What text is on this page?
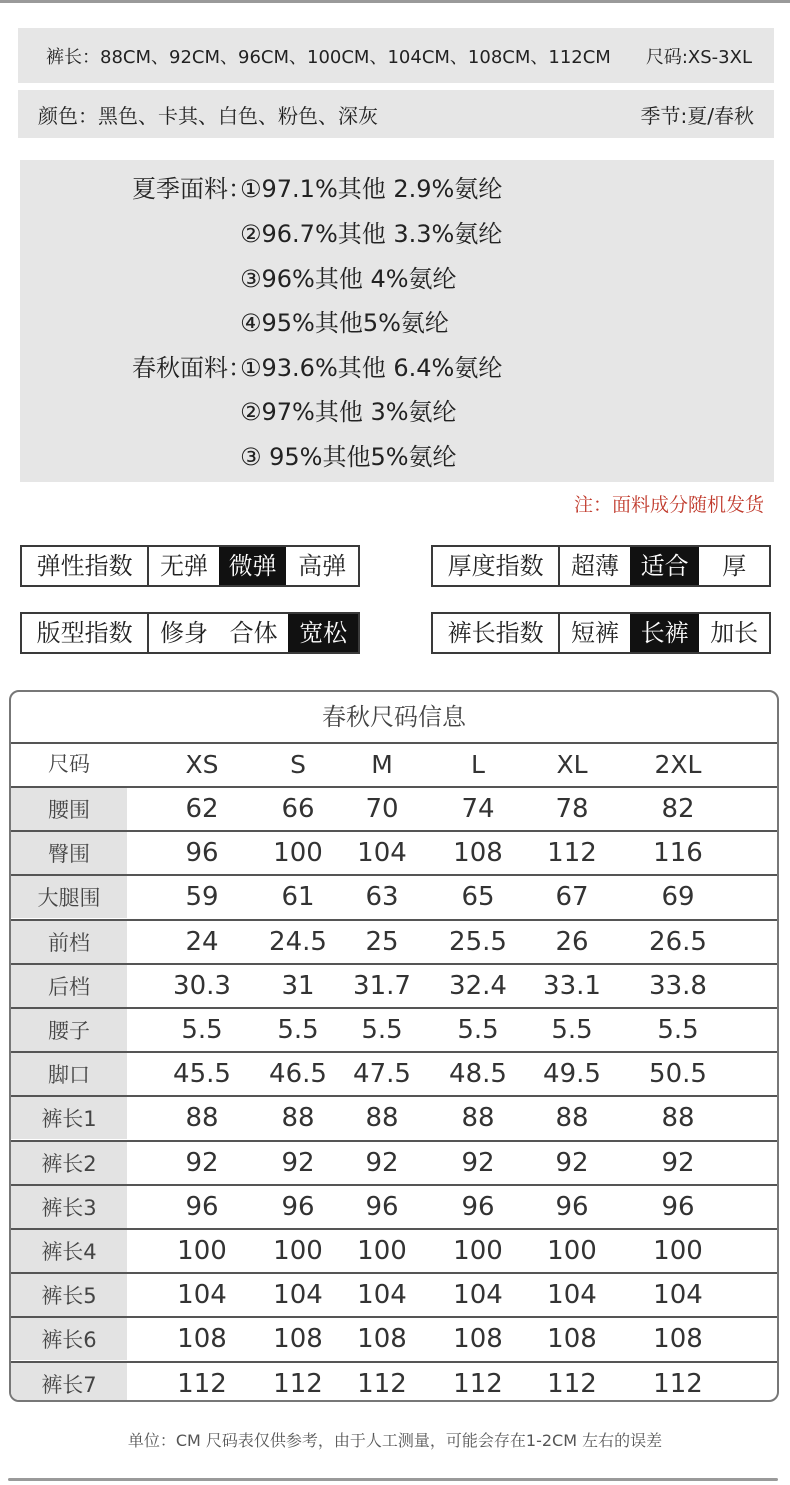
裤长：88CM、92CM、96CM、100CM、104CM、108CM、112CM 尺码:XS-3XL
颜色：黑色、卡其、白色、粉色、深灰	季节:夏/春秋
夏季面料：
①97.1%其他 2.9%氨纶
②96.7%其他 3.3%氨纶
③96%其他 4%氨纶
④95%其他5%氨纶
春秋面料：
①93.6%其他 6.4%氨纶
②97%其他 3%氨纶
③ 95%其他5%氨纶
注：面料成分随机发货
弹性指数	无弹 微弹 高弹	厚度指数	超薄 适合	厚
版型指数	修身 合体 宽松	裤长指数	短裤 长裤 加长
春秋尺码信息
尺码	XS	S	M	L	XL	2XL
腰围	62	66	70	74	78	82
臀围	96	100	104	108	112	116
大腿围	59	61	63	65	67	69
前档	24	24.5	25	25.5	26	26.5
后档	30.3	31	31.7	32.4	33.1	33.8
腰子	5.5	5.5	5.5	5.5	5.5	5.5
脚口	45.5	46.5	47.5	48.5	49.5	50.5
裤长1	88	88	88	88	88	88
裤长2	92	92	92	92	92	92
裤长3	96	96	96	96	96	96
裤长4	100	100	100	100	100	100
裤长5	104	104	104	104	104	104
裤长6	108	108	108	108	108	108
裤长7	112	112	112	112	112	112
单位：CM 尺码表仅供参考，由于人工测量，可能会存在1-2CM 左右的误差
